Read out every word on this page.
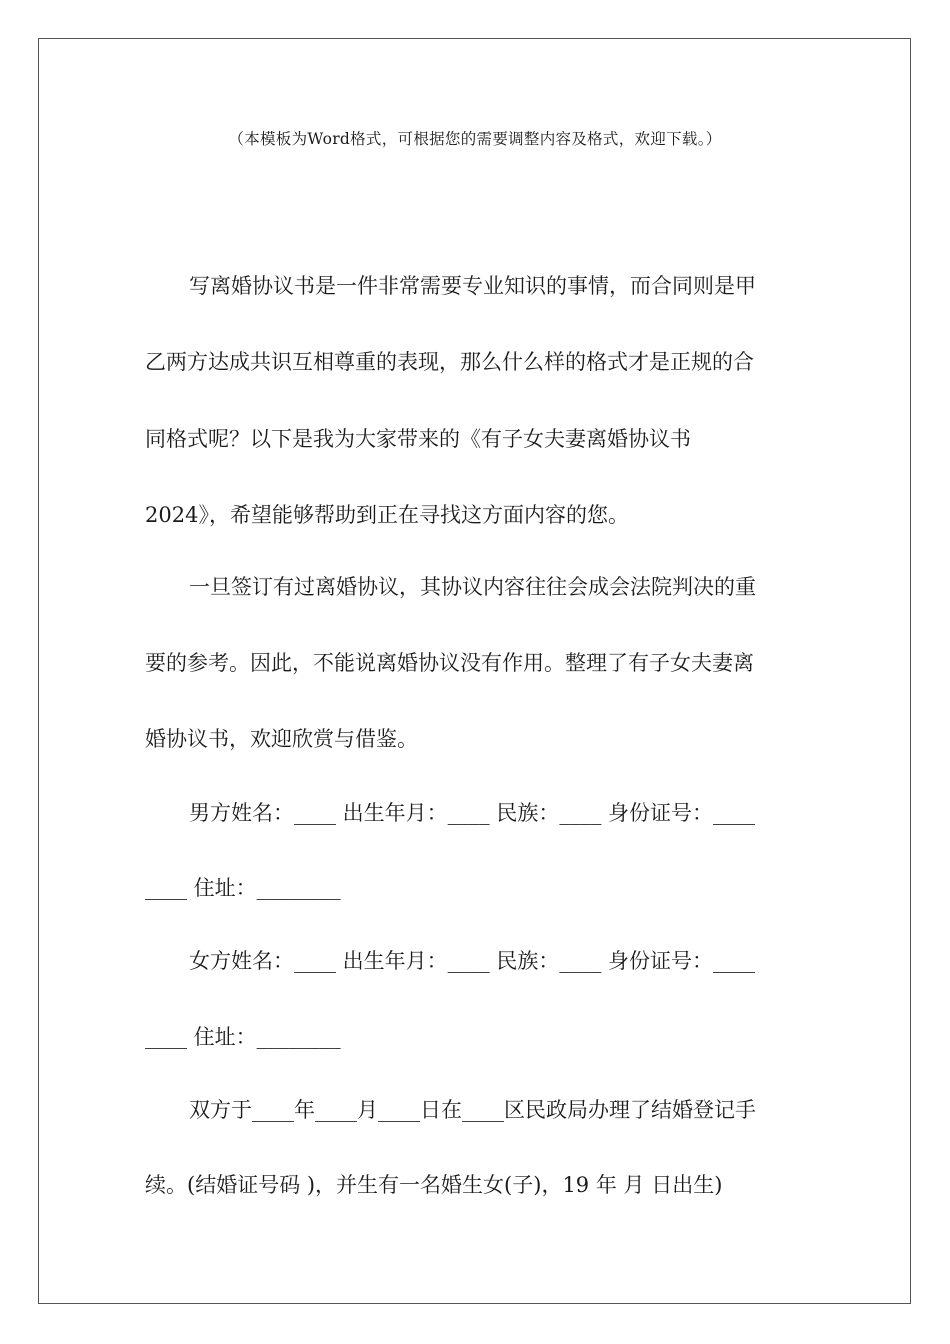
（本模板为Word格式，可根据您的需要调整内容及格式，欢迎下载。）
写离婚协议书是一件非常需要专业知识的事情，而合同则是甲
乙两方达成共识互相尊重的表现，那么什么样的格式才是正规的合
同格式呢？以下是我为大家带来的《有子女夫妻离婚协议书
2024》，希望能够帮助到正在寻找这方面内容的您。
一旦签订有过离婚协议，其协议内容往往会成会法院判决的重
要的参考。因此，不能说离婚协议没有作用。整理了有子女夫妻离
婚协议书，欢迎欣赏与借鉴。
男方姓名：____ 出生年月：____ 民族：____ 身份证号：____
____ 住址：________
女方姓名：____ 出生年月：____ 民族：____ 身份证号：____
____ 住址：________
双方于____年____月____日在____区民政局办理了结婚登记手
续。(结婚证号码 )，并生有一名婚生女(子)，19 年 月 日出生)
